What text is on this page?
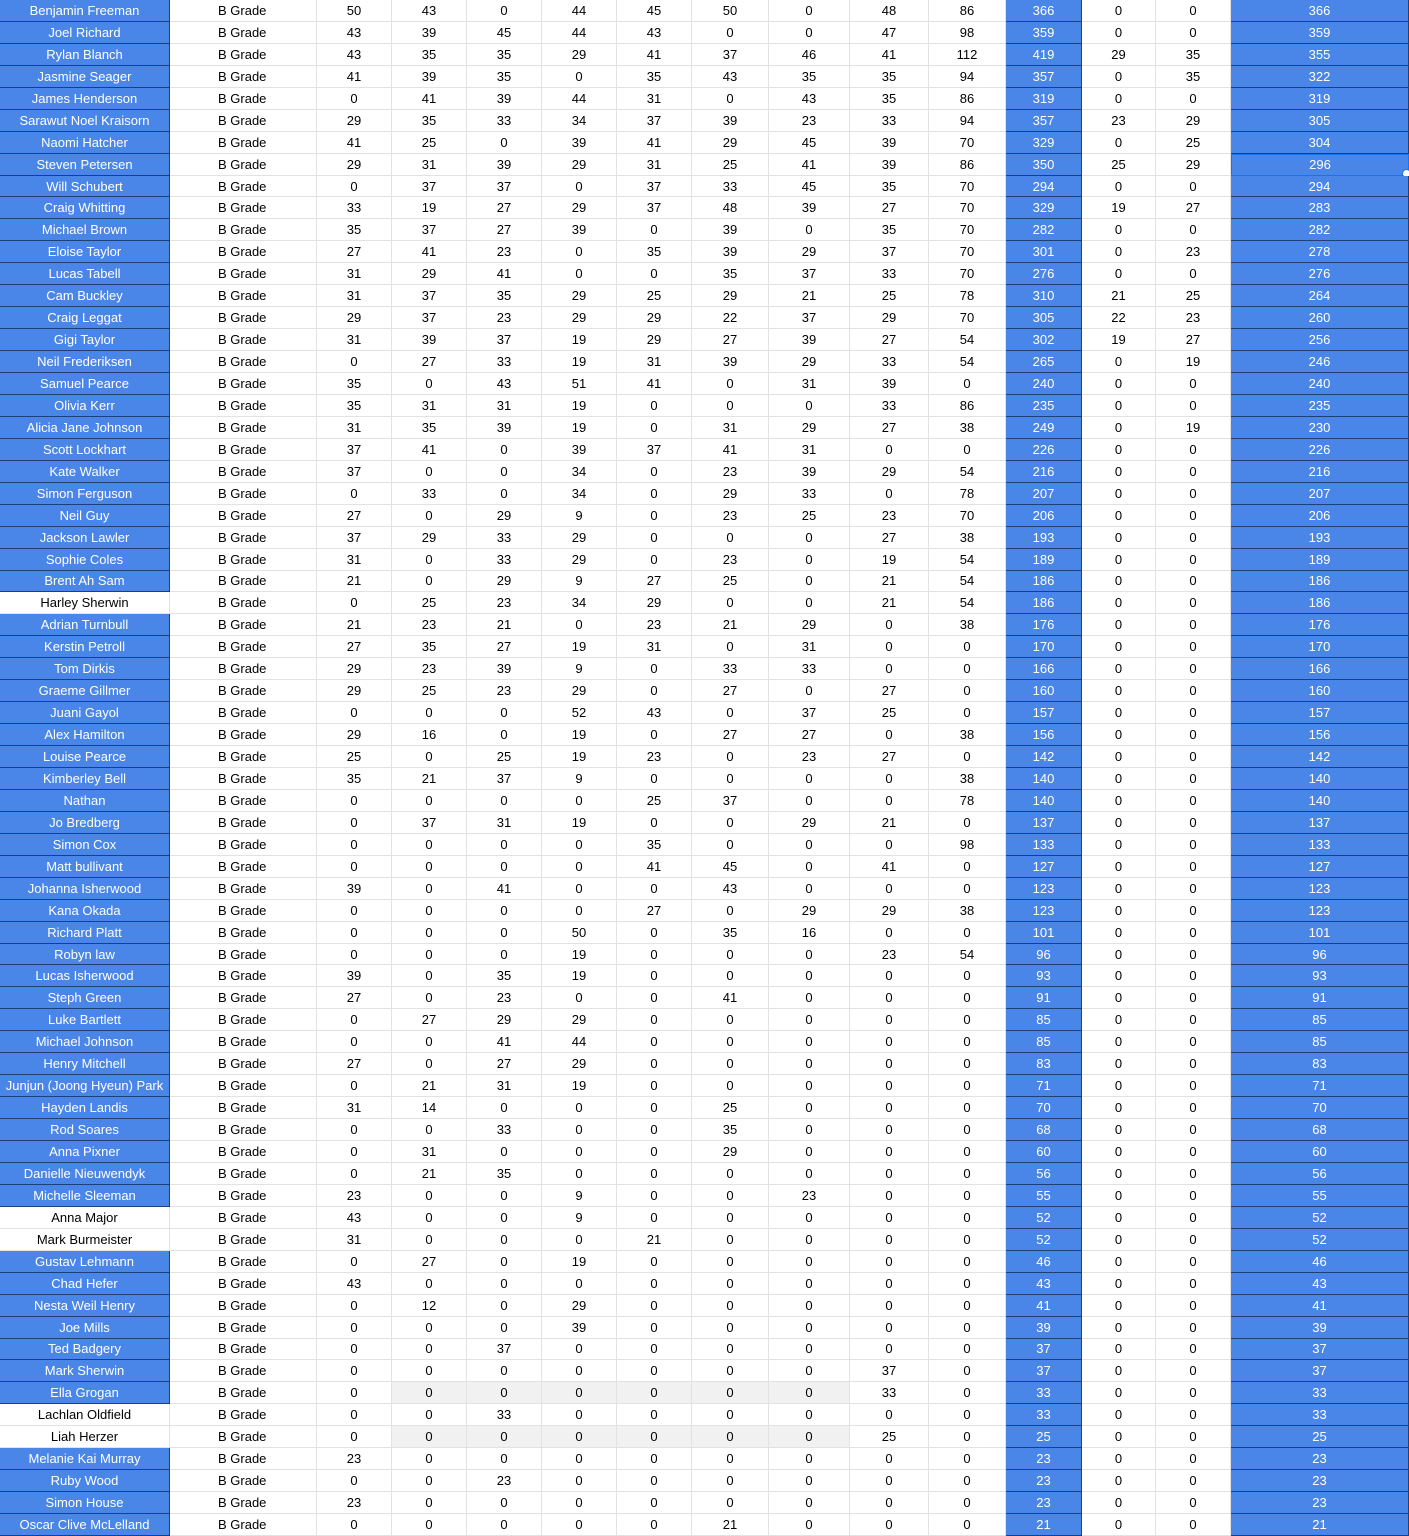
Benjamin Freeman	B Grade	50	43	0	44	45	50	0	48	86	366	0	0	366
Joel Richard	B Grade	43	39	45	44	43	0	0	47	98	359	0	0	359
Rylan Blanch	B Grade	43	35	35	29	41	37	46	41	112	419	29	35	355
Jasmine Seager	B Grade	41	39	35	0	35	43	35	35	94	357	0	35	322
James Henderson	B Grade	0	41	39	44	31	0	43	35	86	319	0	0	319
Sarawut Noel Kraisorn	B Grade	29	35	33	34	37	39	23	33	94	357	23	29	305
Naomi Hatcher	B Grade	41	25	0	39	41	29	45	39	70	329	0	25	304
Steven Petersen	B Grade	29	31	39	29	31	25	41	39	86	350	25	29	296
Will Schubert	B Grade	0	37	37	0	37	33	45	35	70	294	0	0	294
Craig Whitting	B Grade	33	19	27	29	37	48	39	27	70	329	19	27	283
Michael Brown	B Grade	35	37	27	39	0	39	0	35	70	282	0	0	282
Eloise Taylor	B Grade	27	41	23	0	35	39	29	37	70	301	0	23	278
Lucas Tabell	B Grade	31	29	41	0	0	35	37	33	70	276	0	0	276
Cam Buckley	B Grade	31	37	35	29	25	29	21	25	78	310	21	25	264
Craig Leggat	B Grade	29	37	23	29	29	22	37	29	70	305	22	23	260
Gigi Taylor	B Grade	31	39	37	19	29	27	39	27	54	302	19	27	256
Neil Frederiksen	B Grade	0	27	33	19	31	39	29	33	54	265	0	19	246
Samuel Pearce	B Grade	35	0	43	51	41	0	31	39	0	240	0	0	240
Olivia Kerr	B Grade	35	31	31	19	0	0	0	33	86	235	0	0	235
Alicia Jane Johnson	B Grade	31	35	39	19	0	31	29	27	38	249	0	19	230
Scott Lockhart	B Grade	37	41	0	39	37	41	31	0	0	226	0	0	226
Kate Walker	B Grade	37	0	0	34	0	23	39	29	54	216	0	0	216
Simon Ferguson	B Grade	0	33	0	34	0	29	33	0	78	207	0	0	207
Neil Guy	B Grade	27	0	29	9	0	23	25	23	70	206	0	0	206
Jackson Lawler	B Grade	37	29	33	29	0	0	0	27	38	193	0	0	193
Sophie Coles	B Grade	31	0	33	29	0	23	0	19	54	189	0	0	189
Brent Ah Sam	B Grade	21	0	29	9	27	25	0	21	54	186	0	0	186
Harley Sherwin	B Grade	0	25	23	34	29	0	0	21	54	186	0	0	186
Adrian Turnbull	B Grade	21	23	21	0	23	21	29	0	38	176	0	0	176
Kerstin Petroll	B Grade	27	35	27	19	31	0	31	0	0	170	0	0	170
Tom Dirkis	B Grade	29	23	39	9	0	33	33	0	0	166	0	0	166
Graeme Gillmer	B Grade	29	25	23	29	0	27	0	27	0	160	0	0	160
Juani Gayol	B Grade	0	0	0	52	43	0	37	25	0	157	0	0	157
Alex Hamilton	B Grade	29	16	0	19	0	27	27	0	38	156	0	0	156
Louise Pearce	B Grade	25	0	25	19	23	0	23	27	0	142	0	0	142
Kimberley Bell	B Grade	35	21	37	9	0	0	0	0	38	140	0	0	140
Nathan	B Grade	0	0	0	0	25	37	0	0	78	140	0	0	140
Jo Bredberg	B Grade	0	37	31	19	0	0	29	21	0	137	0	0	137
Simon Cox	B Grade	0	0	0	0	35	0	0	0	98	133	0	0	133
Matt bullivant	B Grade	0	0	0	0	41	45	0	41	0	127	0	0	127
Johanna Isherwood	B Grade	39	0	41	0	0	43	0	0	0	123	0	0	123
Kana Okada	B Grade	0	0	0	0	27	0	29	29	38	123	0	0	123
Richard Platt	B Grade	0	0	0	50	0	35	16	0	0	101	0	0	101
Robyn law	B Grade	0	0	0	19	0	0	0	23	54	96	0	0	96
Lucas Isherwood	B Grade	39	0	35	19	0	0	0	0	0	93	0	0	93
Steph Green	B Grade	27	0	23	0	0	41	0	0	0	91	0	0	91
Luke Bartlett	B Grade	0	27	29	29	0	0	0	0	0	85	0	0	85
Michael Johnson	B Grade	0	0	41	44	0	0	0	0	0	85	0	0	85
Henry Mitchell	B Grade	27	0	27	29	0	0	0	0	0	83	0	0	83
Junjun (Joong Hyeun) Park	B Grade	0	21	31	19	0	0	0	0	0	71	0	0	71
Hayden Landis	B Grade	31	14	0	0	0	25	0	0	0	70	0	0	70
Rod Soares	B Grade	0	0	33	0	0	35	0	0	0	68	0	0	68
Anna Pixner	B Grade	0	31	0	0	0	29	0	0	0	60	0	0	60
Danielle Nieuwendyk	B Grade	0	21	35	0	0	0	0	0	0	56	0	0	56
Michelle Sleeman	B Grade	23	0	0	9	0	0	23	0	0	55	0	0	55
Anna Major	B Grade	43	0	0	9	0	0	0	0	0	52	0	0	52
Mark Burmeister	B Grade	31	0	0	0	21	0	0	0	0	52	0	0	52
Gustav Lehmann	B Grade	0	27	0	19	0	0	0	0	0	46	0	0	46
Chad Hefer	B Grade	43	0	0	0	0	0	0	0	0	43	0	0	43
Nesta Weil Henry	B Grade	0	12	0	29	0	0	0	0	0	41	0	0	41
Joe Mills	B Grade	0	0	0	39	0	0	0	0	0	39	0	0	39
Ted Badgery	B Grade	0	0	37	0	0	0	0	0	0	37	0	0	37
Mark Sherwin	B Grade	0	0	0	0	0	0	0	37	0	37	0	0	37
Ella Grogan	B Grade	0	0	0	0	0	0	0	33	0	33	0	0	33
Lachlan Oldfield	B Grade	0	0	33	0	0	0	0	0	0	33	0	0	33
Liah Herzer	B Grade	0	0	0	0	0	0	0	25	0	25	0	0	25
Melanie Kai Murray	B Grade	23	0	0	0	0	0	0	0	0	23	0	0	23
Ruby Wood	B Grade	0	0	23	0	0	0	0	0	0	23	0	0	23
Simon House	B Grade	23	0	0	0	0	0	0	0	0	23	0	0	23
Oscar Clive McLelland	B Grade	0	0	0	0	0	21	0	0	0	21	0	0	21
